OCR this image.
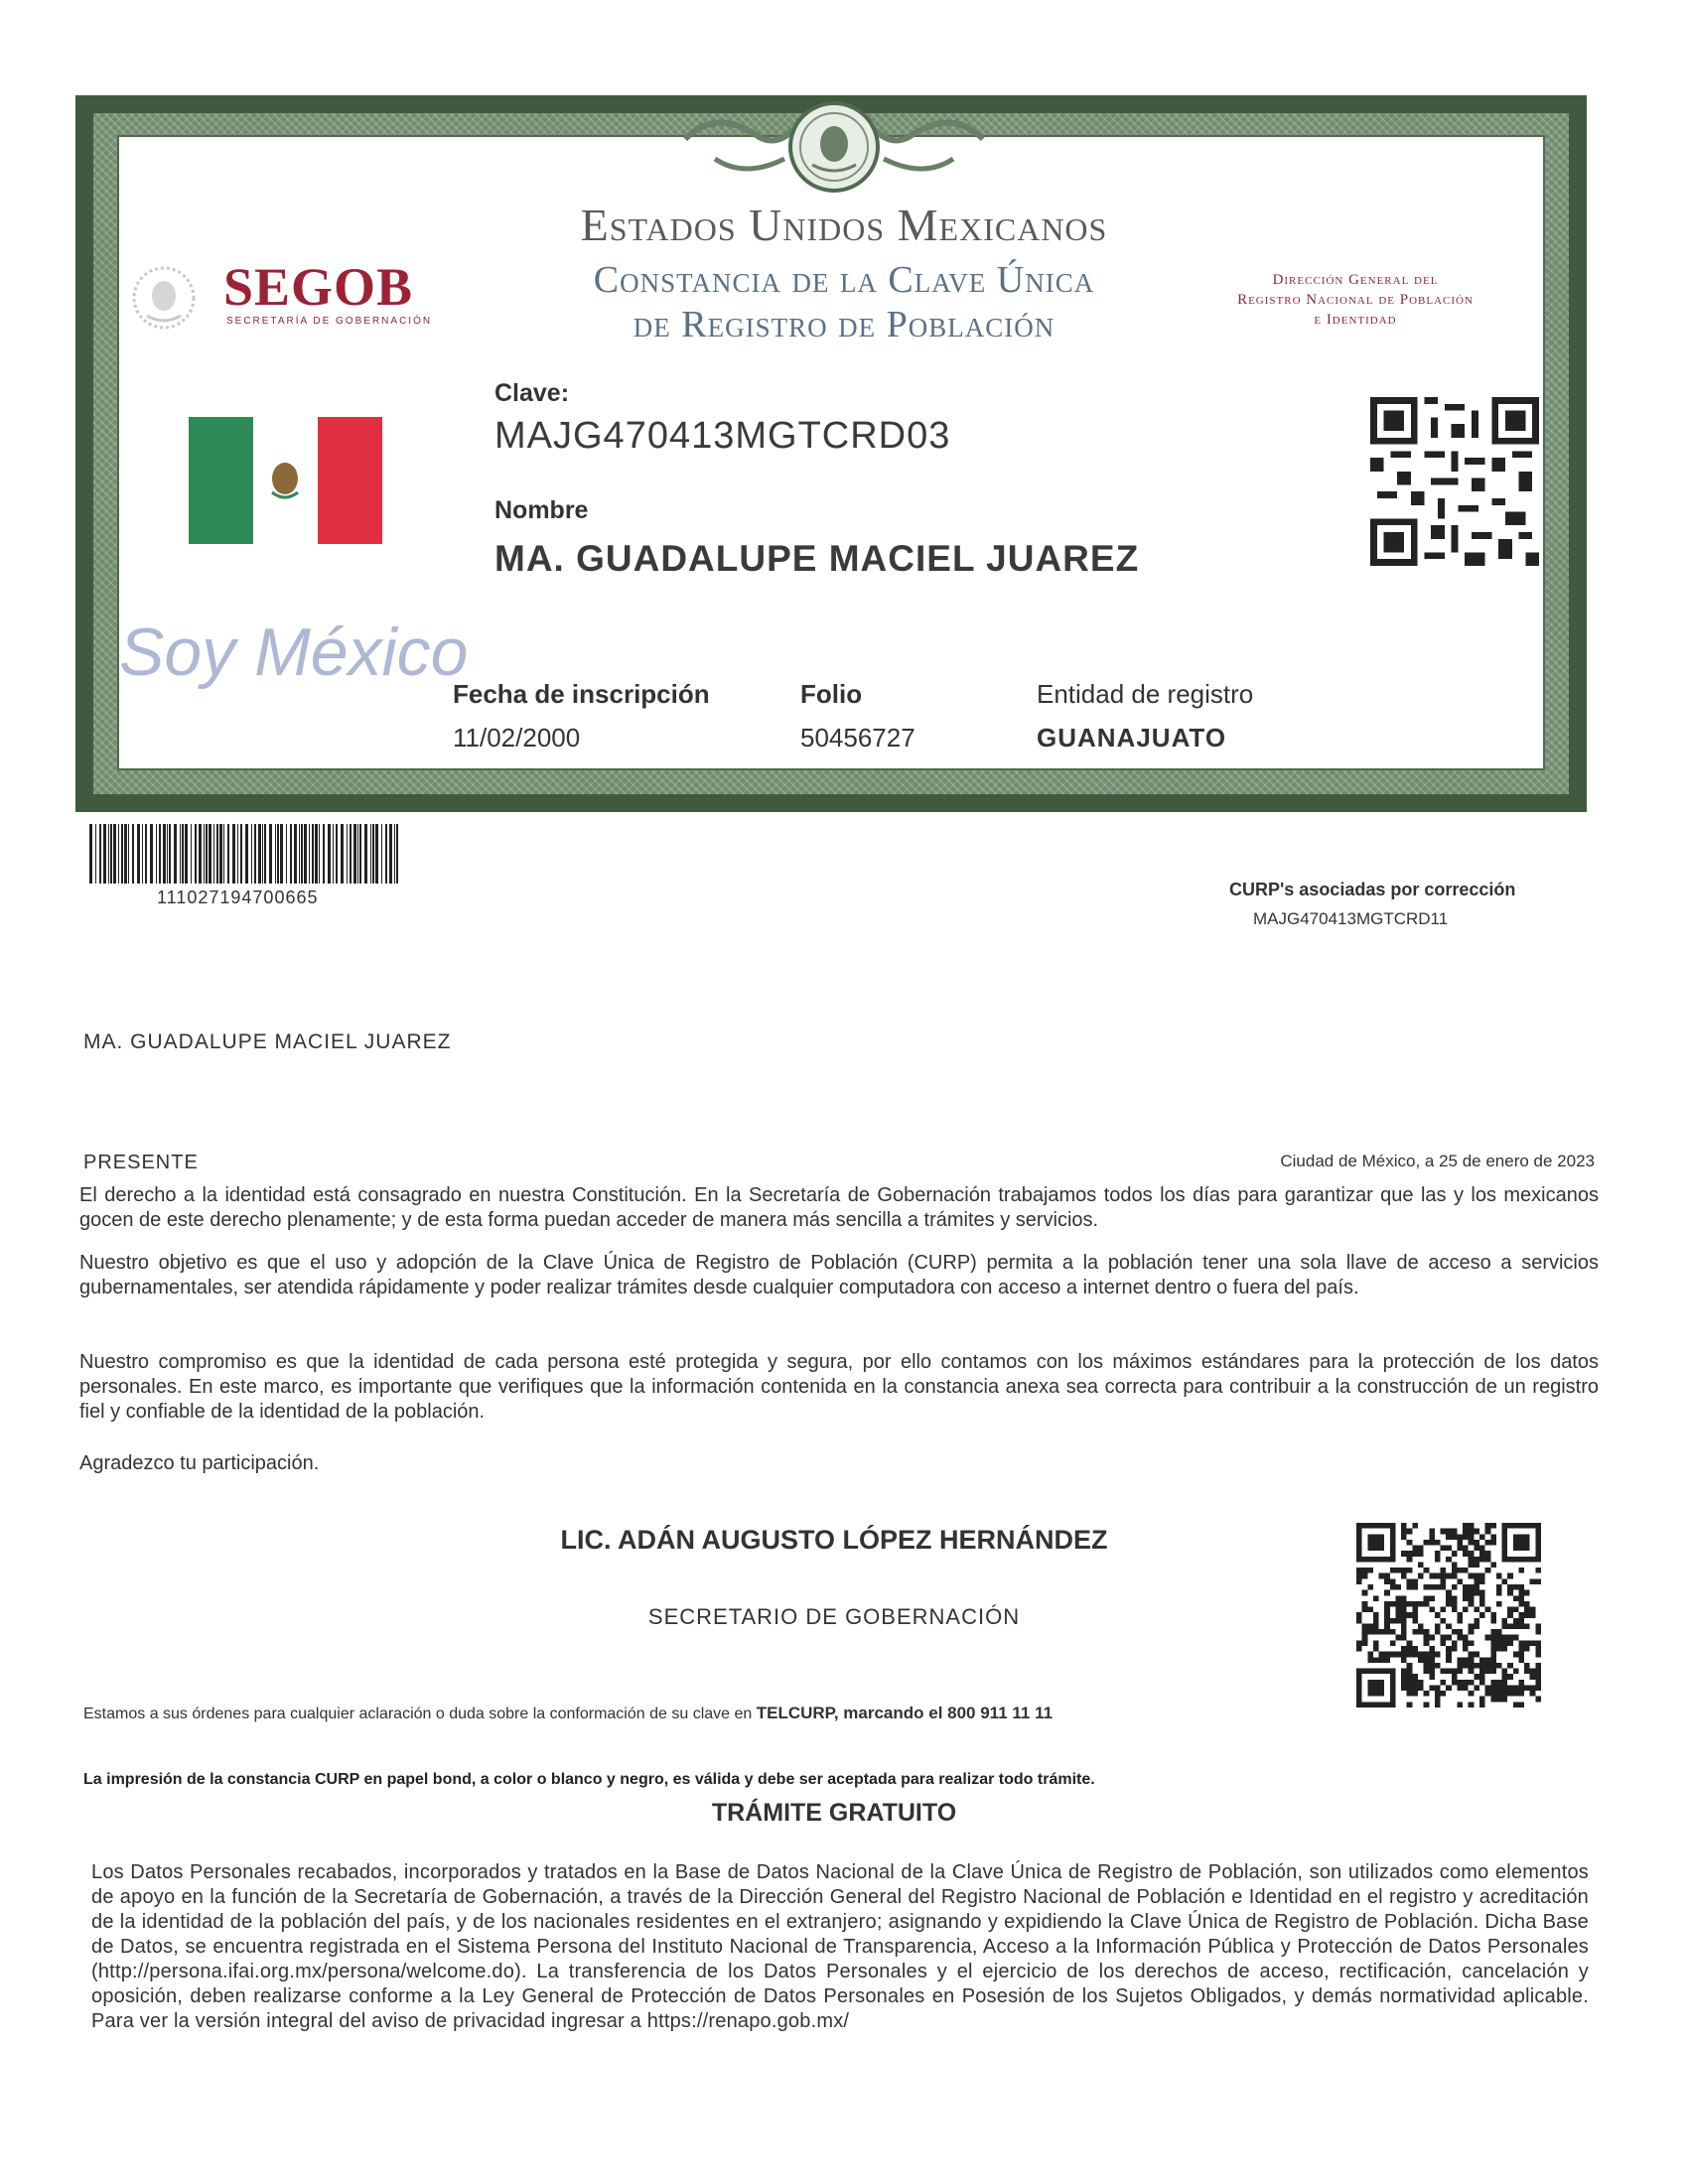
Estados Unidos Mexicanos
Constancia de la Clave Única
de Registro de Población
SEGOB
SECRETARÍA DE GOBERNACIÓN
Dirección General del
Registro Nacional de Población
e Identidad
Clave:
MAJG470413MGTCRD03
Nombre
MA. GUADALUPE MACIEL JUAREZ
Soy México
Fecha de inscripción
11/02/2000
Folio
50456727
Entidad de registro
GUANAJUATO
111027194700665	CURP's asociadas por corrección
MAJG470413MGTCRD11
MA. GUADALUPE MACIEL JUAREZ
PRESENTE	Ciudad de México, a 25 de enero de 2023
El derecho a la identidad está consagrado en nuestra Constitución. En la Secretaría de Gobernación trabajamos todos los días para garantizar que las y los mexicanos gocen de este derecho plenamente; y de esta forma puedan acceder de manera más sencilla a trámites y servicios.
Nuestro objetivo es que el uso y adopción de la Clave Única de Registro de Población (CURP) permita a la población tener una sola llave de acceso a servicios gubernamentales, ser atendida rápidamente y poder realizar trámites desde cualquier computadora con acceso a internet dentro o fuera del país.
Nuestro compromiso es que la identidad de cada persona esté protegida y segura, por ello contamos con los máximos estándares para la protección de los datos personales. En este marco, es importante que verifiques que la información contenida en la constancia anexa sea correcta para contribuir a la construcción de un registro fiel y confiable de la identidad de la población.
Agradezco tu participación.
LIC. ADÁN AUGUSTO LÓPEZ HERNÁNDEZ
SECRETARIO DE GOBERNACIÓN
Estamos a sus órdenes para cualquier aclaración o duda sobre la conformación de su clave en TELCURP, marcando el 800 911 11 11
La impresión de la constancia CURP en papel bond, a color o blanco y negro, es válida y debe ser aceptada para realizar todo trámite.
TRÁMITE GRATUITO
Los Datos Personales recabados, incorporados y tratados en la Base de Datos Nacional de la Clave Única de Registro de Población, son utilizados como elementos de apoyo en la función de la Secretaría de Gobernación, a través de la Dirección General del Registro Nacional de Población e Identidad en el registro y acreditación de la identidad de la población del país, y de los nacionales residentes en el extranjero; asignando y expidiendo la Clave Única de Registro de Población. Dicha Base de Datos, se encuentra registrada en el Sistema Persona del Instituto Nacional de Transparencia, Acceso a la Información Pública y Protección de Datos Personales (http://persona.ifai.org.mx/persona/welcome.do). La transferencia de los Datos Personales y el ejercicio de los derechos de acceso, rectificación, cancelación y oposición, deben realizarse conforme a la Ley General de Protección de Datos Personales en Posesión de los Sujetos Obligados, y demás normatividad aplicable. Para ver la versión integral del aviso de privacidad ingresar a https://renapo.gob.mx/
